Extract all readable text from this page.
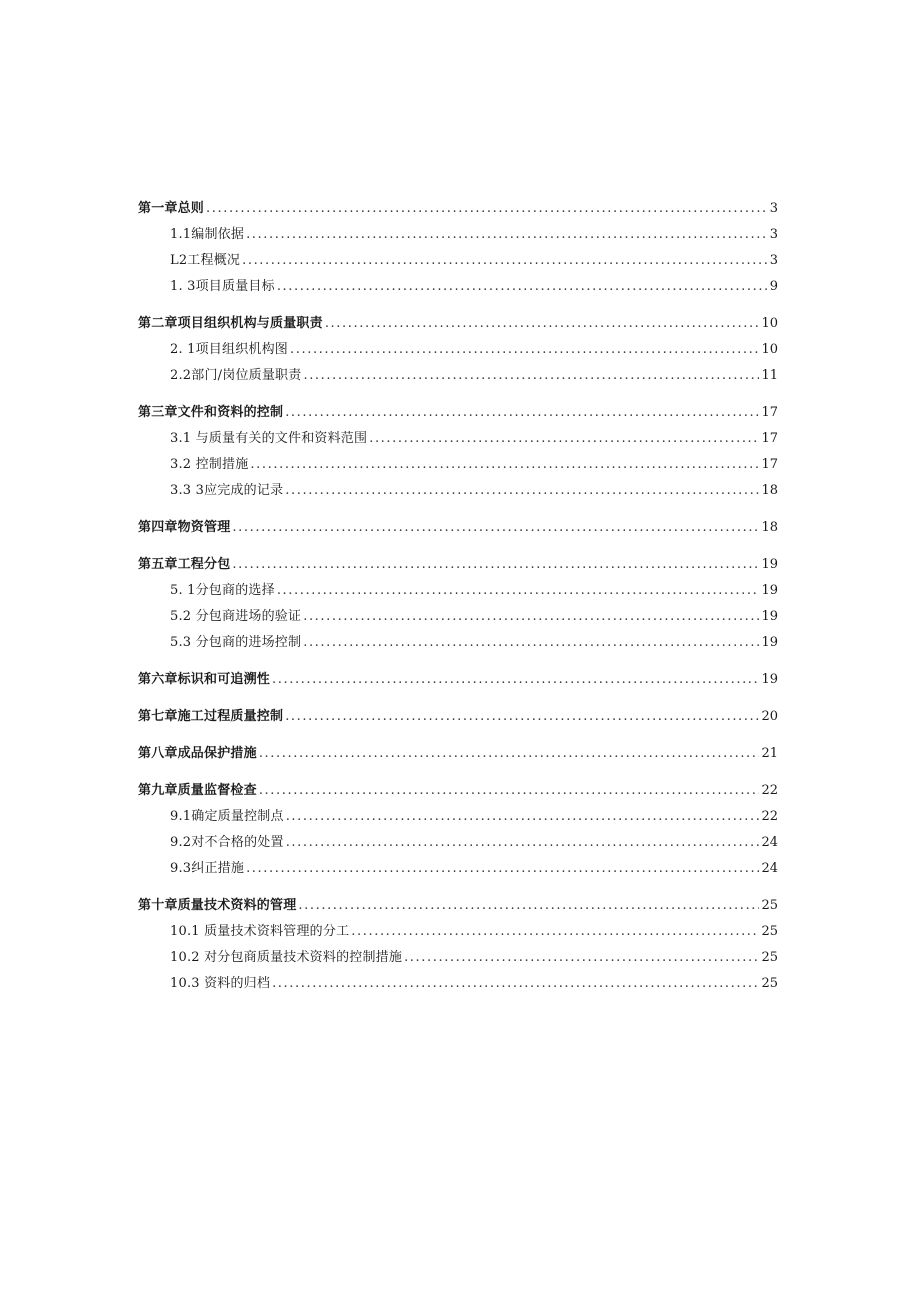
第一章总则 .....	3
1.1编制依据 .....	3
L2工程概况 .....	3
1. 3项目质量目标 .....	9
第二章项目组织机构与质量职责 .....	10
2. 1项目组织机构图 .....	10
2.2部门/岗位质量职责 .....	11
第三章文件和资料的控制 .....	17
3.1 与质量有关的文件和资料范围 .....	17
3.2 控制措施 .....	17
3.3 3应完成的记录 .....	18
第四章物资管理 .....	18
第五章工程分包 .....	19
5. 1分包商的选择 .....	19
5.2 分包商进场的验证 .....	19
5.3 分包商的进场控制 .....	19
第六章标识和可追溯性 .....	19
第七章施工过程质量控制 .....	20
第八章成品保护措施 .....	21
第九章质量监督检查 .....	22
9.1确定质量控制点 .....	22
9.2对不合格的处置 .....	24
9.3纠正措施 .....	24
第十章质量技术资料的管理 .....	25
10.1 质量技术资料管理的分工 .....	25
10.2 对分包商质量技术资料的控制措施 .....	25
10.3 资料的归档 .....	25
